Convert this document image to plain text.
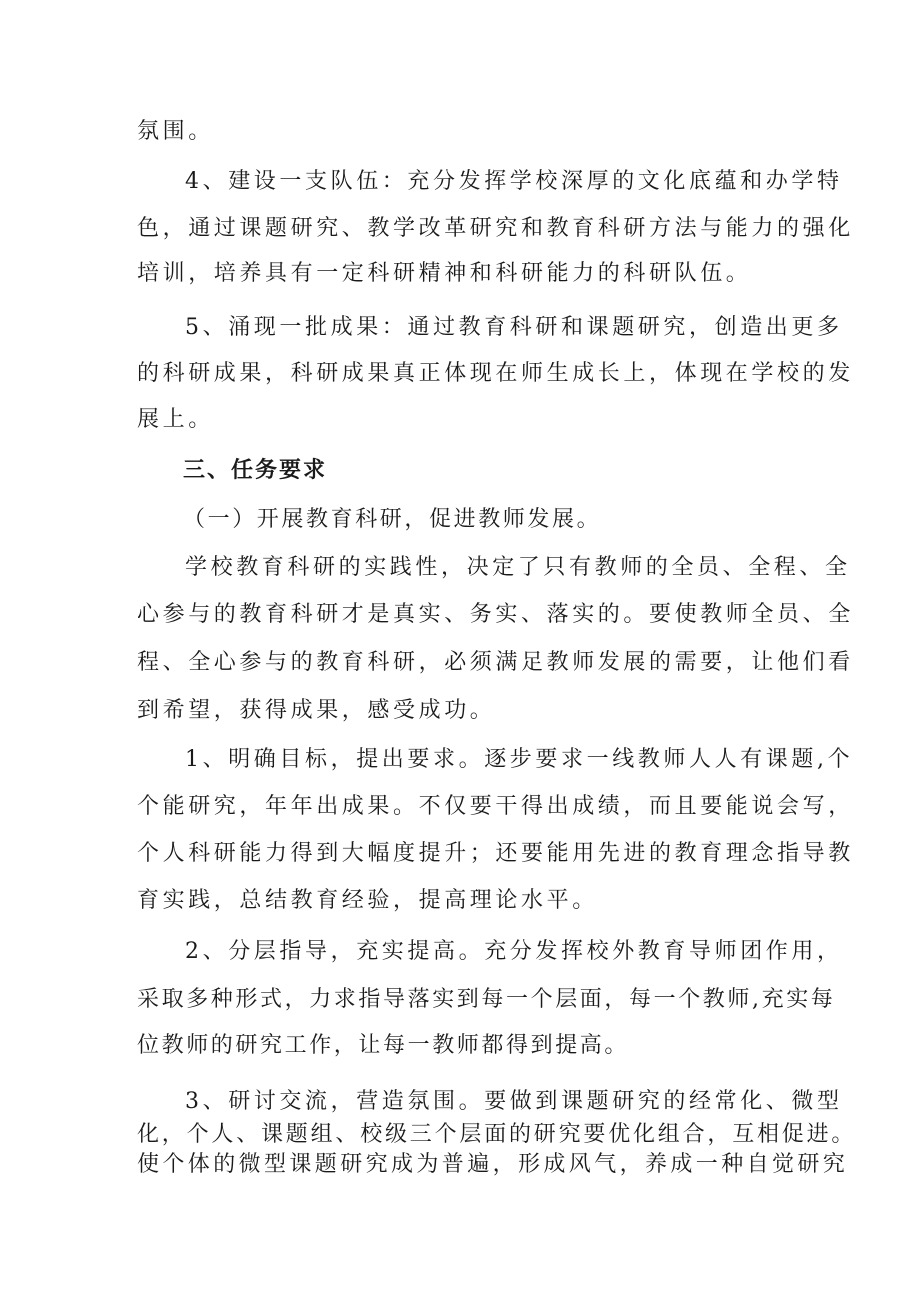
氛围。
4、建设一支队伍：充分发挥学校深厚的文化底蕴和办学特
色，通过课题研究、教学改革研究和教育科研方法与能力的强化
培训，培养具有一定科研精神和科研能力的科研队伍。
5、涌现一批成果：通过教育科研和课题研究，创造出更多
的科研成果，科研成果真正体现在师生成长上，体现在学校的发
展上。
三、任务要求
（一）开展教育科研，促进教师发展。
学校教育科研的实践性，决定了只有教师的全员、全程、全
心参与的教育科研才是真实、务实、落实的。要使教师全员、全
程、全心参与的教育科研，必须满足教师发展的需要，让他们看
到希望，获得成果，感受成功。
1、明确目标，提出要求。逐步要求一线教师人人有课题,个
个能研究，年年出成果。不仅要干得出成绩，而且要能说会写，
个人科研能力得到大幅度提升；还要能用先进的教育理念指导教
育实践，总结教育经验，提高理论水平。
2、分层指导，充实提高。充分发挥校外教育导师团作用，
采取多种形式，力求指导落实到每一个层面，每一个教师,充实每
位教师的研究工作，让每一教师都得到提高。
3、研讨交流，营造氛围。要做到课题研究的经常化、微型
化，个人、课题组、校级三个层面的研究要优化组合，互相促进。
使个体的微型课题研究成为普遍，形成风气，养成一种自觉研究
